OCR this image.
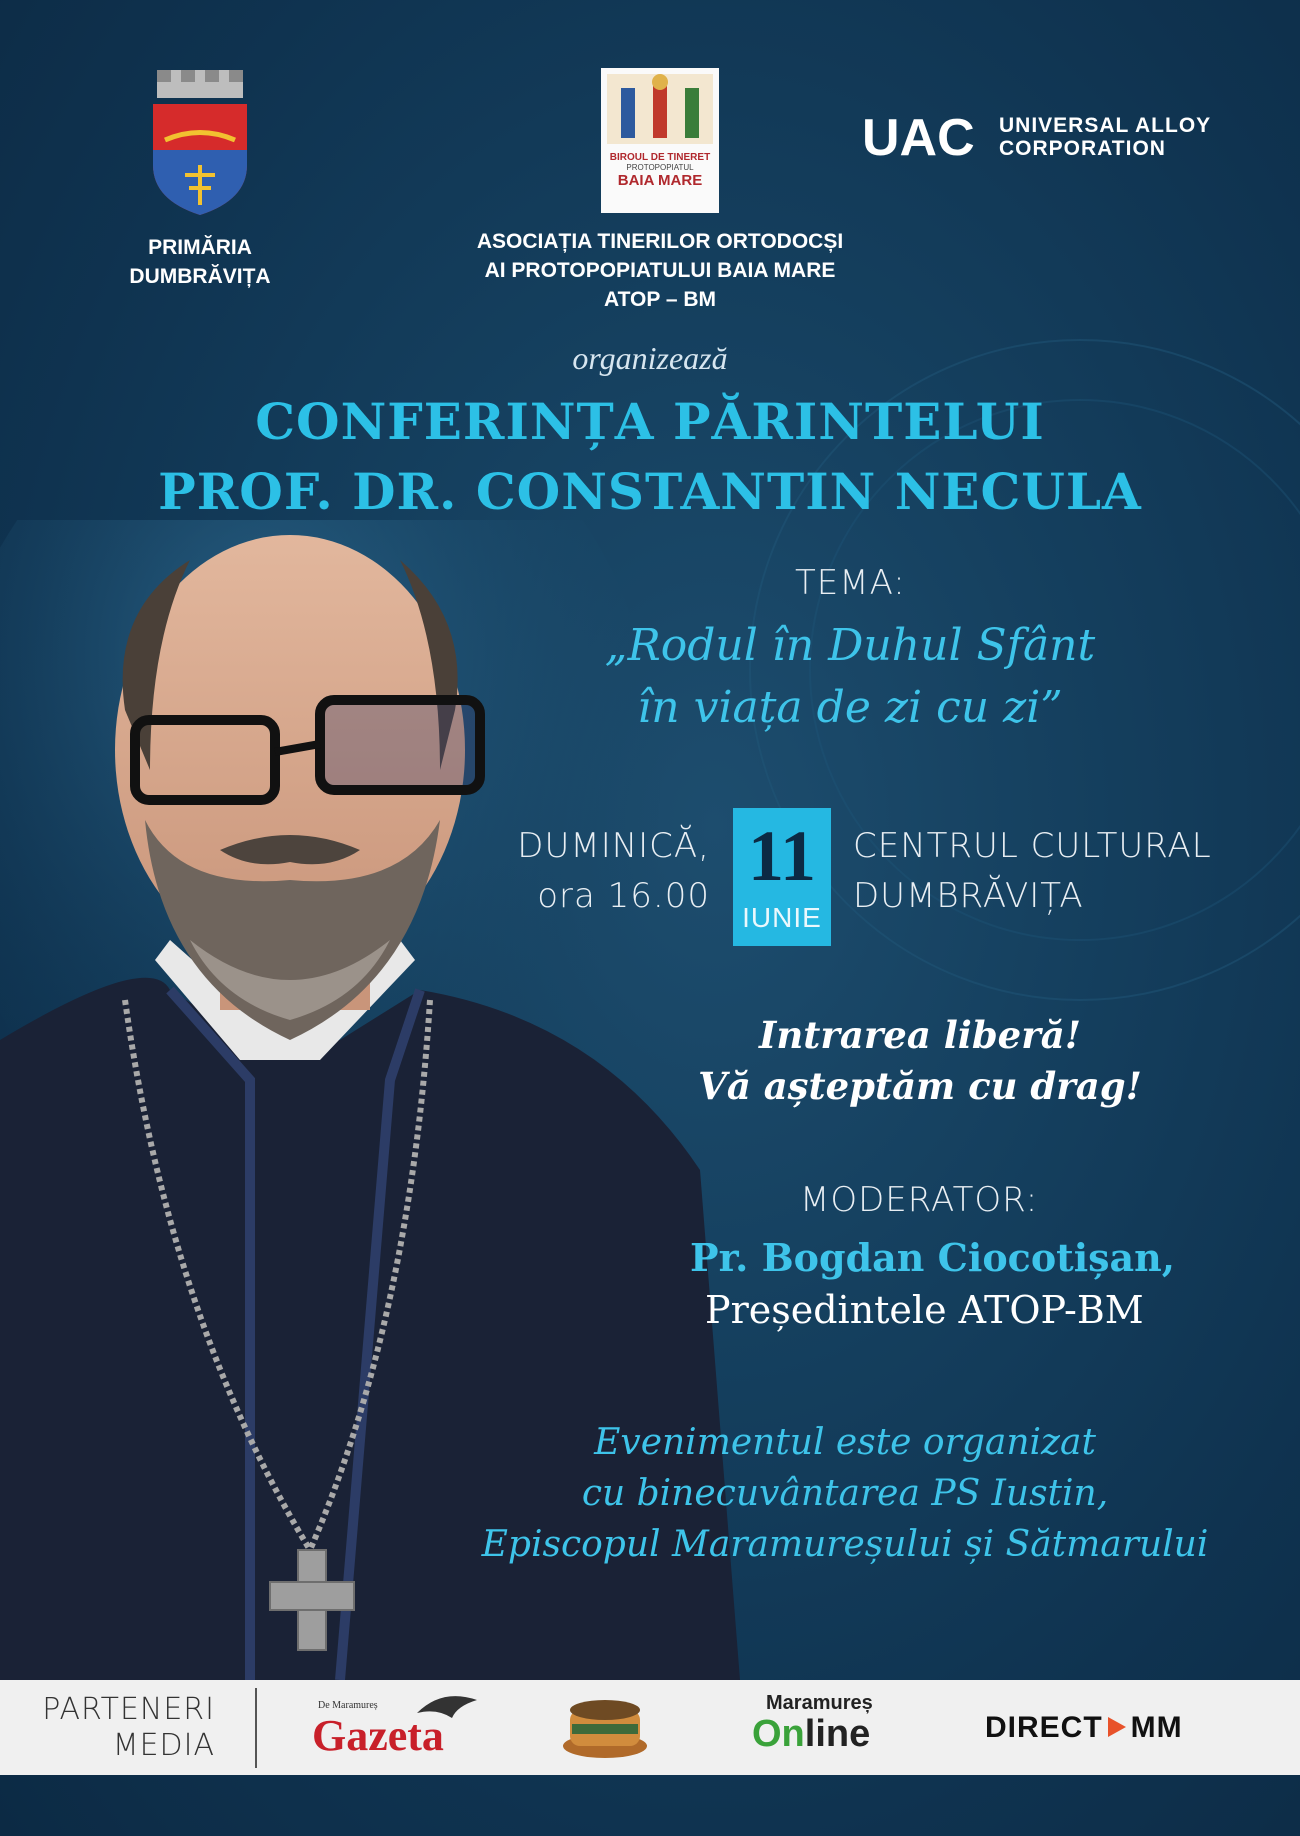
PRIMĂRIA
DUMBRĂVIȚA
BIROUL DE TINERET
PROTOPOPIATUL
BAIA MARE
ASOCIAȚIA TINERILOR ORTODOCȘI
AI PROTOPOPIATULUI BAIA MARE
ATOP – BM
UAC UNIVERSAL ALLOY
CORPORATION
organizează
CONFERINȚA PĂRINTELUI
PROF. DR. CONSTANTIN NECULA
TEMA:
„Rodul în Duhul Sfânt
în viața de zi cu zi”
DUMINICĂ,
ora 16.00 11
IUNIE
CENTRUL CULTURAL
DUMBRĂVIȚA
Intrarea liberă!
Vă așteptăm cu drag!
MODERATOR:
Pr. Bogdan Ciocotișan,
Președintele ATOP-BM
Evenimentul este organizat
cu binecuvântarea PS Iustin,
Episcopul Maramureșului și Sătmarului
PARTENERI
MEDIA
De Maramureș
Gazeta
Maramureș
Online	DIRECT MM
